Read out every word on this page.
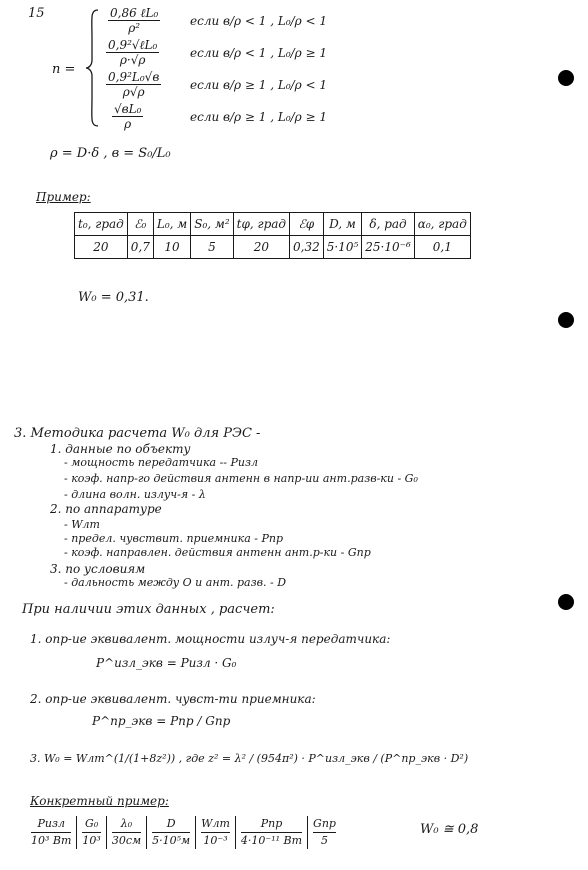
15
n =
0,86 ℓL₀
ρ²	если в/ρ < 1 , L₀/ρ < 1
0,9²√ℓL₀
ρ·√ρ	если в/ρ < 1 , L₀/ρ ≥ 1
0,9²L₀√в
ρ√ρ	если в/ρ ≥ 1 , L₀/ρ < 1
√вL₀
ρ	если в/ρ ≥ 1 , L₀/ρ ≥ 1
ρ = D·δ , в = S₀/L₀
Пример:
t₀, град	ℰ₀	L₀, м	S₀, м²	tφ, град	ℰφ	D, м	δ, рад	α₀, град
20	0,7	10	5	20	0,32	5·10⁵	25·10⁻⁶	0,1
W₀ = 0,31.
3. Методика расчета W₀ для РЭС -
1. данные по объекту
- мощность передатчика -- Pизл
- коэф. напр-го действия антенн в напр-ии ант.разв-ки - G₀
- длина волн. излуч-я - λ
2. по аппаратуре
- Wлт
- предел. чувствит. приемника - Pпр
- коэф. направлен. действия антенн ант.р-ки - Gпр
3. по условиям
- дальность между О и ант. разв. - D
При наличии этих данных , расчет:
1. опр-ие эквивалент. мощности излуч-я передатчика:
P^изл_экв = Pизл · G₀
2. опр-ие эквивалент. чувст-ти приемника:
P^пр_экв = Pпр / Gпр
3. W₀ = Wлт^(1/(1+8z²)) , где z² = λ² / (954π²) · P^изл_экв / (P^пр_экв · D²)
Конкретный пример:
Pизл
10³ Вт
G₀
10³
λ₀
30см
D
5·10⁵м
Wлт
10⁻³
Pпр
4·10⁻¹¹ Вт
Gпр
5
W₀ ≅ 0,8
